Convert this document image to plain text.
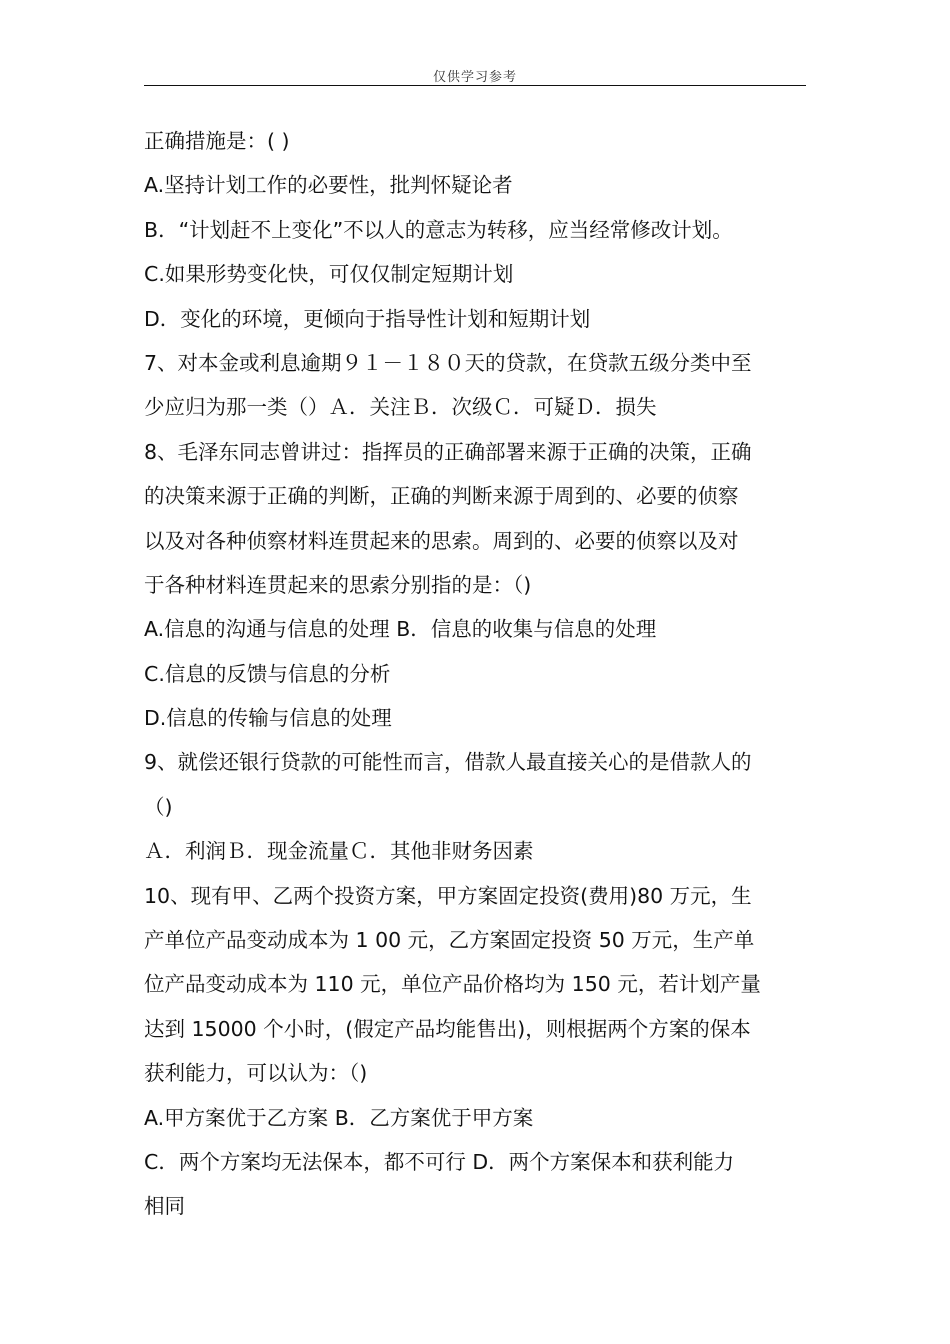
仅供学习参考
正确措施是：( )
A.坚持计划工作的必要性，批判怀疑论者
B．“计划赶不上变化”不以人的意志为转移，应当经常修改计划。
C.如果形势变化快，可仅仅制定短期计划
D．变化的环境，更倾向于指导性计划和短期计划
7、对本金或利息逾期９１－１８０天的贷款，在贷款五级分类中至
少应归为那一类（）Ａ．关注Ｂ．次级Ｃ．可疑Ｄ．损失
8、毛泽东同志曾讲过：指挥员的正确部署来源于正确的决策，正确
的决策来源于正确的判断，正确的判断来源于周到的、必要的侦察
以及对各种侦察材料连贯起来的思索。周到的、必要的侦察以及对
于各种材料连贯起来的思索分别指的是：（)
A.信息的沟通与信息的处理 B．信息的收集与信息的处理
C.信息的反馈与信息的分析
D.信息的传输与信息的处理
9、就偿还银行贷款的可能性而言，借款人最直接关心的是借款人的
（)
Ａ．利润Ｂ．现金流量Ｃ．其他非财务因素
10、现有甲、乙两个投资方案，甲方案固定投资(费用)80 万元，生
产单位产品变动成本为 1 00 元，乙方案固定投资 50 万元，生产单
位产品变动成本为 110 元，单位产品价格均为 150 元，若计划产量
达到 15000 个小时，(假定产品均能售出)，则根据两个方案的保本
获利能力，可以认为：（)
A.甲方案优于乙方案 B．乙方案优于甲方案
C．两个方案均无法保本，都不可行 D．两个方案保本和获利能力
相同
